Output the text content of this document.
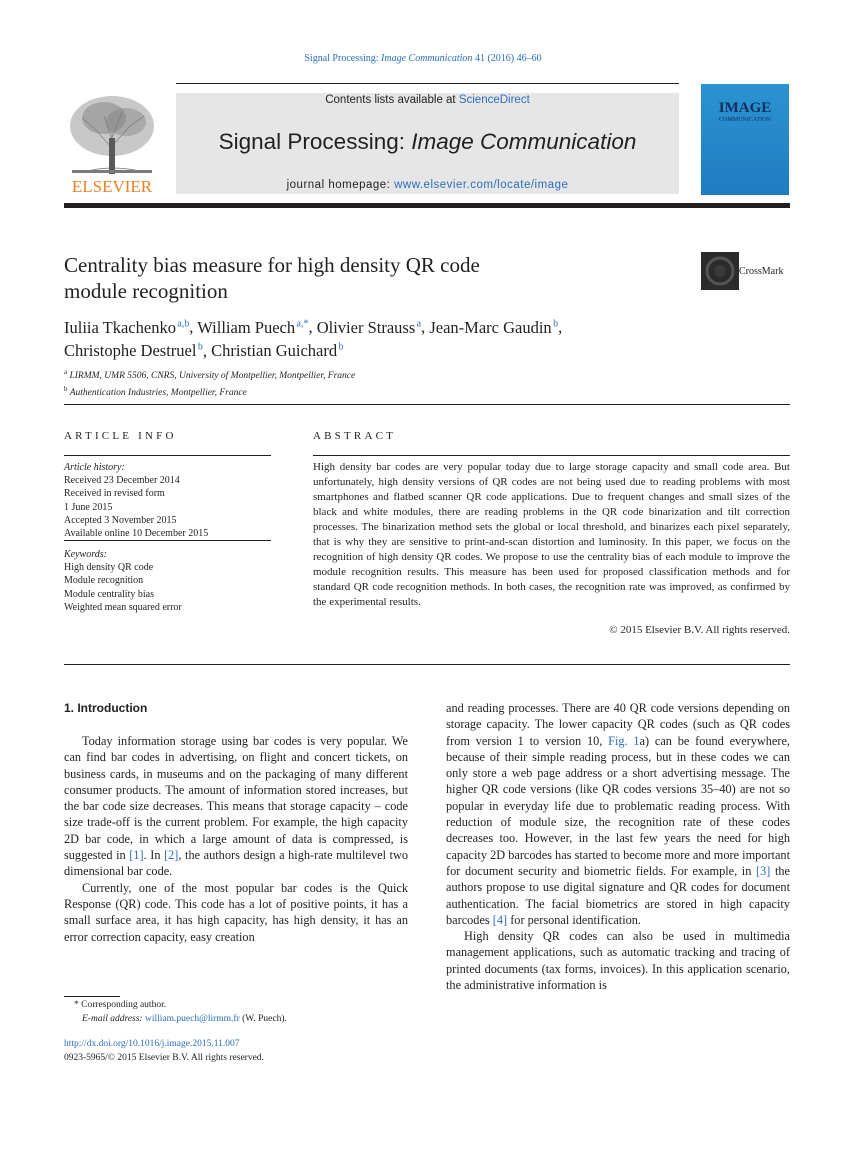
Signal Processing: Image Communication 41 (2016) 46–60
ELSEVIER
Contents lists available at ScienceDirect
Signal Processing: Image Communication
journal homepage: www.elsevier.com/locate/image
IMAGE
COMMUNICATION
Centrality bias measure for high density QR code
module recognition
CrossMark
Iuliia Tkachenko $^{a,b}$, William Puech $^{a,*}$, Olivier Strauss $^a$, Jean-Marc Gaudin $^b$,
Christophe Destruel $^b$, Christian Guichard $^b$
$^a$ LIRMM, UMR 5506, CNRS, University of Montpellier, Montpellier, France
$^b$ Authentication Industries, Montpellier, France
ARTICLE INFO
Article history:
Received 23 December 2014
Received in revised form
1 June 2015
Accepted 3 November 2015
Available online 10 December 2015
Keywords:
High density QR code
Module recognition
Module centrality bias
Weighted mean squared error
ABSTRACT
High density bar codes are very popular today due to large storage capacity and small code area. But unfortunately, high density versions of QR codes are not being used due to reading problems with most smartphones and flatbed scanner QR code applications. Due to frequent changes and small sizes of the black and white modules, there are reading problems in the QR code binarization and tilt correction processes. The binarization method sets the global or local threshold, and binarizes each pixel separately, that is why they are sensitive to print-and-scan distortion and luminosity. In this paper, we focus on the recognition of high density QR codes. We propose to use the centrality bias of each module to improve the module recognition results. This measure has been used for proposed classification methods and for standard QR code recognition methods. In both cases, the recognition rate was improved, as confirmed by the experimental results.
© 2015 Elsevier B.V. All rights reserved.
1. Introduction

Today information storage using bar codes is very popular. We can find bar codes in advertising, on flight and concert tickets, on business cards, in museums and on the packaging of many different consumer products. The amount of information stored increases, but the bar code size decreases. This means that storage capacity – code size trade-off is the current problem. For example, the high capacity 2D bar code, in which a large amount of data is compressed, is suggested in [1]. In [2], the authors design a high-rate multilevel two dimensional bar code.

Currently, one of the most popular bar codes is the Quick Response (QR) code. This code has a lot of positive points, it has a small surface area, it has high capacity, has high density, it has an error correction capacity, easy creation

and reading processes. There are 40 QR code versions depending on storage capacity. The lower capacity QR codes (such as QR codes from version 1 to version 10, Fig. 1a) can be found everywhere, because of their simple reading process, but in these codes we can only store a web page address or a short advertising message. The higher QR code versions (like QR codes versions 35–40) are not so popular in everyday life due to problematic reading process. With reduction of module size, the recognition rate of these codes decreases too. However, in the last few years the need for high capacity 2D barcodes has started to become more and more important for document security and biometric fields. For example, in [3] the authors propose to use digital signature and QR codes for document authentication. The facial biometrics are stored in high capacity barcodes [4] for personal identification.

High density QR codes can also be used in multimedia management applications, such as automatic tracking and tracing of printed documents (tax forms, invoices). In this application scenario, the administrative information is

* Corresponding author.
E-mail address: william.puech@lirmm.fr (W. Puech).
http://dx.doi.org/10.1016/j.image.2015.11.007
0923-5965/© 2015 Elsevier B.V. All rights reserved.
